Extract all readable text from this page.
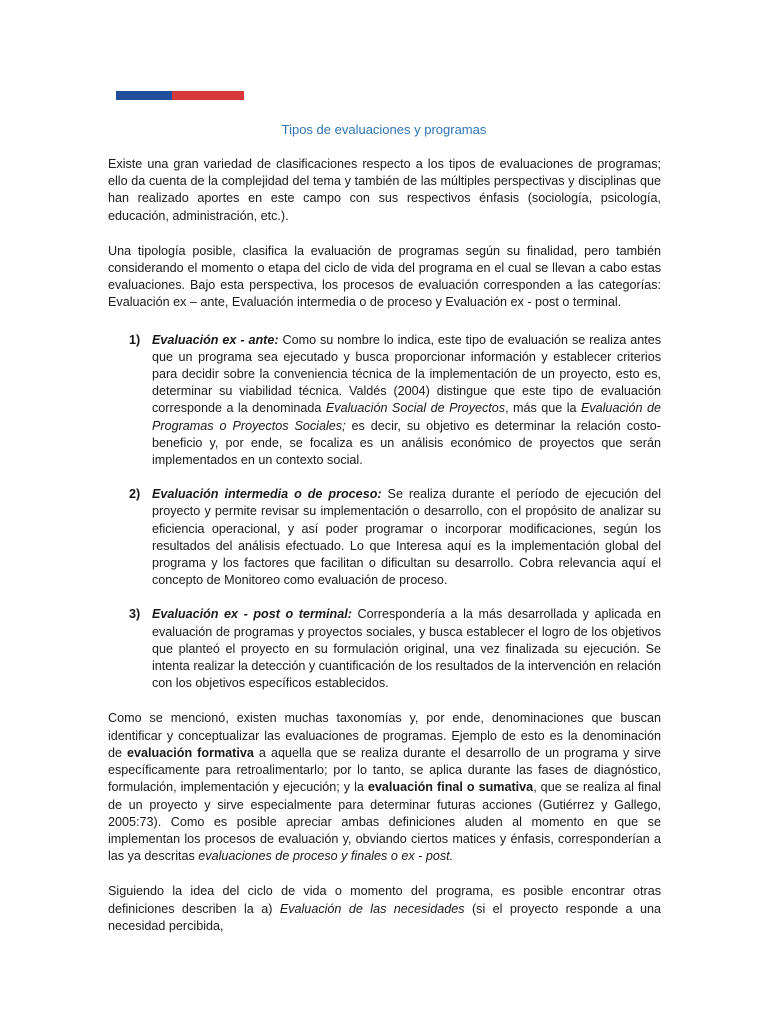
Tipos de evaluaciones y programas

Existe una gran variedad de clasificaciones respecto a los tipos de evaluaciones de programas; ello da cuenta de la complejidad del tema y también de las múltiples perspectivas y disciplinas que han realizado aportes en este campo con sus respectivos énfasis (sociología, psicología, educación, administración, etc.).

Una tipología posible, clasifica la evaluación de programas según su finalidad, pero también considerando el momento o etapa del ciclo de vida del programa en el cual se llevan a cabo estas evaluaciones. Bajo esta perspectiva, los procesos de evaluación corresponden a las categorías: Evaluación ex – ante, Evaluación intermedia o de proceso y Evaluación ex - post o terminal.

1) Evaluación ex - ante: Como su nombre lo indica, este tipo de evaluación se realiza antes que un programa sea ejecutado y busca proporcionar información y establecer criterios para decidir sobre la conveniencia técnica de la implementación de un proyecto, esto es, determinar su viabilidad técnica. Valdés (2004) distingue que este tipo de evaluación corresponde a la denominada Evaluación Social de Proyectos, más que la Evaluación de Programas o Proyectos Sociales; es decir, su objetivo es determinar la relación costo-beneficio y, por ende, se focaliza es un análisis económico de proyectos que serán implementados en un contexto social.
2) Evaluación intermedia o de proceso: Se realiza durante el período de ejecución del proyecto y permite revisar su implementación o desarrollo, con el propósito de analizar su eficiencia operacional, y así poder programar o incorporar modificaciones, según los resultados del análisis efectuado. Lo que Interesa aquí es la implementación global del programa y los factores que facilitan o dificultan su desarrollo. Cobra relevancia aquí el concepto de Monitoreo como evaluación de proceso.
3) Evaluación ex - post o terminal: Correspondería a la más desarrollada y aplicada en evaluación de programas y proyectos sociales, y busca establecer el logro de los objetivos que planteó el proyecto en su formulación original, una vez finalizada su ejecución. Se intenta realizar la detección y cuantificación de los resultados de la intervención en relación con los objetivos específicos establecidos.

Como se mencionó, existen muchas taxonomías y, por ende, denominaciones que buscan identificar y conceptualizar las evaluaciones de programas. Ejemplo de esto es la denominación de evaluación formativa a aquella que se realiza durante el desarrollo de un programa y sirve específicamente para retroalimentarlo; por lo tanto, se aplica durante las fases de diagnóstico, formulación, implementación y ejecución; y la evaluación final o sumativa, que se realiza al final de un proyecto y sirve especialmente para determinar futuras acciones (Gutiérrez y Gallego, 2005:73). Como es posible apreciar ambas definiciones aluden al momento en que se implementan los procesos de evaluación y, obviando ciertos matices y énfasis, corresponderían a las ya descritas evaluaciones de proceso y finales o ex - post.

Siguiendo la idea del ciclo de vida o momento del programa, es posible encontrar otras definiciones describen la a) Evaluación de las necesidades (si el proyecto responde a una necesidad percibida,
